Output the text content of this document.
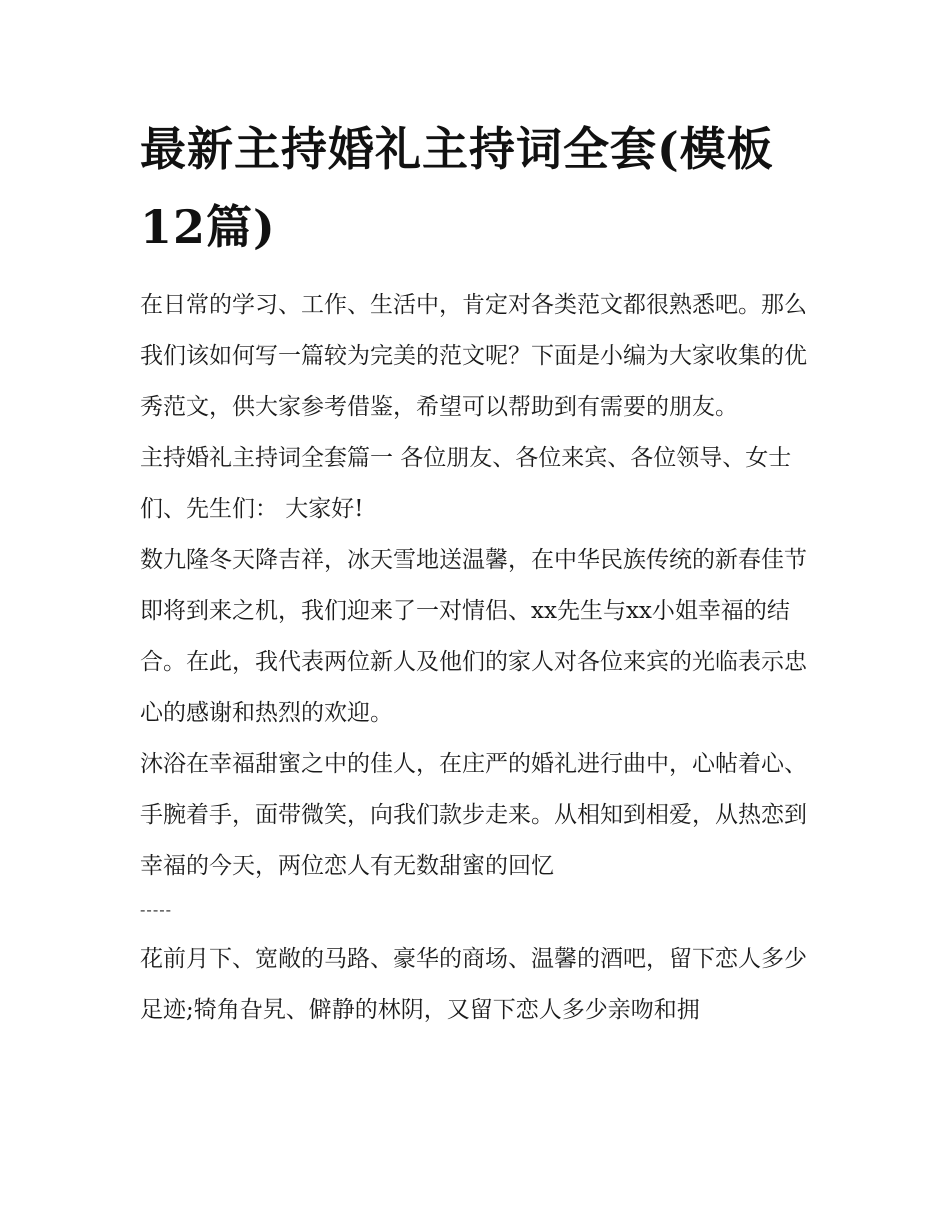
最新主持婚礼主持词全套(模板12篇)

在日常的学习、工作、生活中，肯定对各类范文都很熟悉吧。那么我们该如何写一篇较为完美的范文呢？下面是小编为大家收集的优秀范文，供大家参考借鉴，希望可以帮助到有需要的朋友。

主持婚礼主持词全套篇一 各位朋友、各位来宾、各位领导、女士们、先生们： 大家好!

数九隆冬天降吉祥，冰天雪地送温馨，在中华民族传统的新春佳节即将到来之机，我们迎来了一对情侣、xx先生与xx小姐幸福的结合。在此，我代表两位新人及他们的家人对各位来宾的光临表示忠心的感谢和热烈的欢迎。

沐浴在幸福甜蜜之中的佳人，在庄严的婚礼进行曲中，心帖着心、手腕着手，面带微笑，向我们款步走来。从相知到相爱，从热恋到幸福的今天，两位恋人有无数甜蜜的回忆

-----

花前月下、宽敞的马路、豪华的商场、温馨的酒吧，留下恋人多少足迹;犄角旮旯、僻静的林阴，又留下恋人多少亲吻和拥
